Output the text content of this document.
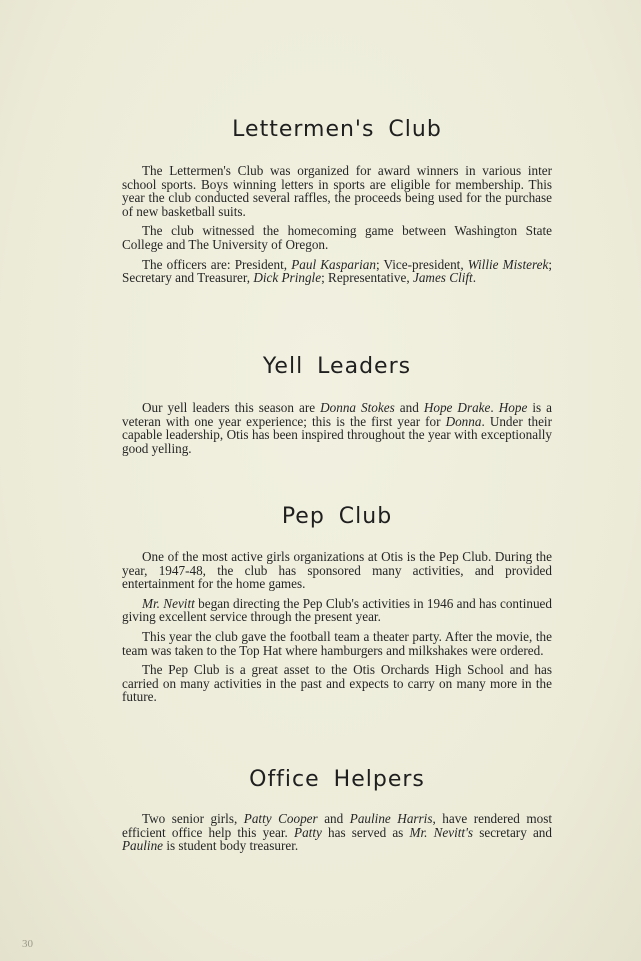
Lettermen's Club

The Lettermen's Club was organized for award winners in various inter school sports. Boys winning letters in sports are eligible for membership. This year the club conducted several raffles, the proceeds being used for the purchase of new basketball suits.

The club witnessed the homecoming game between Washington State College and The University of Oregon.

The officers are: President, Paul Kasparian; Vice-president, Willie Misterek; Secretary and Treasurer, Dick Pringle; Representative, James Clift.

Yell Leaders

Our yell leaders this season are Donna Stokes and Hope Drake. Hope is a veteran with one year experience; this is the first year for Donna. Under their capable leadership, Otis has been inspired throughout the year with exceptionally good yelling.

Pep Club

One of the most active girls organizations at Otis is the Pep Club. During the year, 1947-48, the club has sponsored many activities, and provided entertainment for the home games.

Mr. Nevitt began directing the Pep Club's activities in 1946 and has continued giving excellent service through the present year.

This year the club gave the football team a theater party. After the movie, the team was taken to the Top Hat where hamburgers and milkshakes were ordered.

The Pep Club is a great asset to the Otis Orchards High School and has carried on many activities in the past and expects to carry on many more in the future.

Office Helpers

Two senior girls, Patty Cooper and Pauline Harris, have rendered most efficient office help this year. Patty has served as Mr. Nevitt's secretary and Pauline is student body treasurer.

30
